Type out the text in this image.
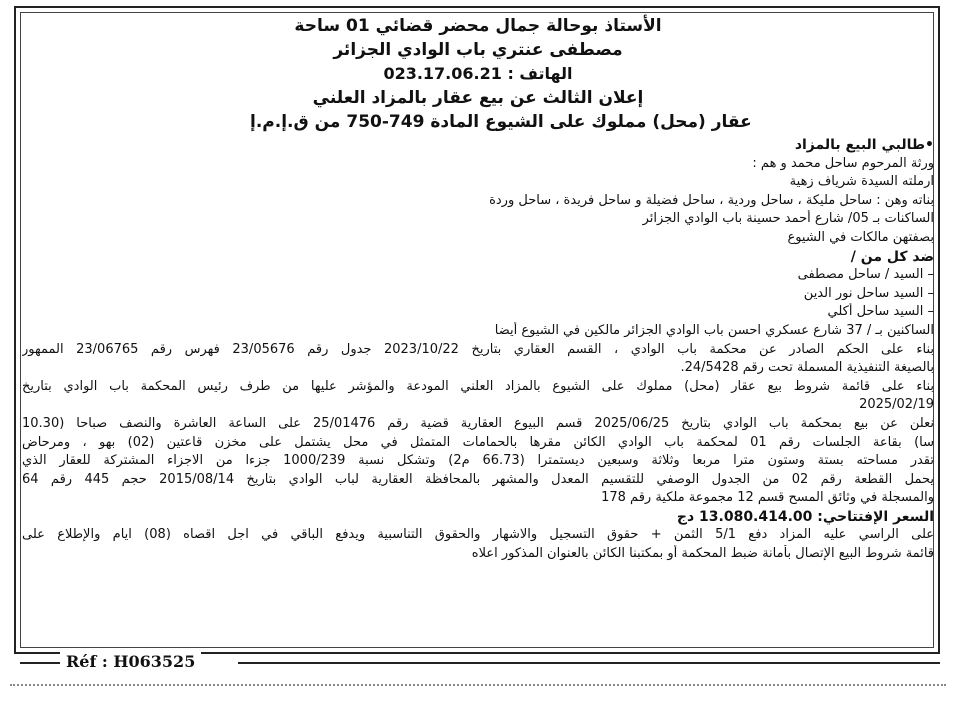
الأستاذ بوحالة جمال محضر قضائي 01 ساحة
مصطفى عنتري باب الوادي الجزائر
الهاتف : 023.17.06.21
إعلان الثالث عن بيع عقار بالمزاد العلني
عقار (محل) مملوك على الشيوع المادة 749-750 من ق.إ.م.إ
•طالبي البيع بالمزاد
ورثة المرحوم ساحل محمد و هم :
ارملته السيدة شرياف زهية
بناته وهن : ساحل مليكة ، ساحل وردية ، ساحل فضيلة و ساحل فريدة ، ساحل وردة
الساكنات بـ 05/ شارع أحمد حسينة باب الوادي الجزائر
بصفتهن مالكات في الشيوع
ضد كل من /
– السيد / ساحل مصطفى
– السيد ساحل نور الدين
– السيد ساحل أكلي
الساكنين بـ / 37 شارع عسكري احسن باب الوادي الجزائر مالكين في الشيوع أيضا
بناء على الحكم الصادر عن محكمة باب الوادي ، القسم العقاري بتاريخ 2023/10/22 جدول رقم 23/05676 فهرس رقم 23/06765 الممهور
بالصيغة التنفيذية المسملة تحت رقم 24/5428.
بناء على قائمة شروط بيع عقار (محل) مملوك على الشيوع بالمزاد العلني المودعة والمؤشر عليها من طرف رئيس المحكمة باب الوادي بتاريخ
2025/02/19
نعلن عن بيع بمحكمة باب الوادي بتاريخ 2025/06/25 قسم البيوع العقارية قضية رقم 25/01476 على الساعة العاشرة والنصف صباحا (10.30
سا) بقاعة الجلسات رقم 01 لمحكمة باب الوادي الكائن مقرها بالحمامات المتمثل في محل يشتمل على مخزن قاعتين (02) بهو ، ومرحاض
تقدر مساحته بستة وستون مترا مربعا وثلاثة وسبعين ديستمترا (66.73 م2) وتشكل نسبة 1000/239 جزءا من الاجزاء المشتركة للعقار الذي
يحمل القطعة رقم 02 من الجدول الوصفي للتقسيم المعدل والمشهر بالمحافظة العقارية لباب الوادي بتاريخ 2015/08/14 حجم 445 رقم 64
والمسجلة في وثائق المسح قسم 12 مجموعة ملكية رقم 178
السعر الإفتتاحي: 13.080.414.00 دج
على الراسي عليه المزاد دفع 5/1 الثمن + حقوق التسجيل والاشهار والحقوق التناسبية ويدفع الباقي في اجل اقصاه (08) ايام والإطلاع على
قائمة شروط البيع الإتصال بأمانة ضبط المحكمة أو بمكتبنا الكائن بالعنوان المذكور اعلاه
Réf : H063525
